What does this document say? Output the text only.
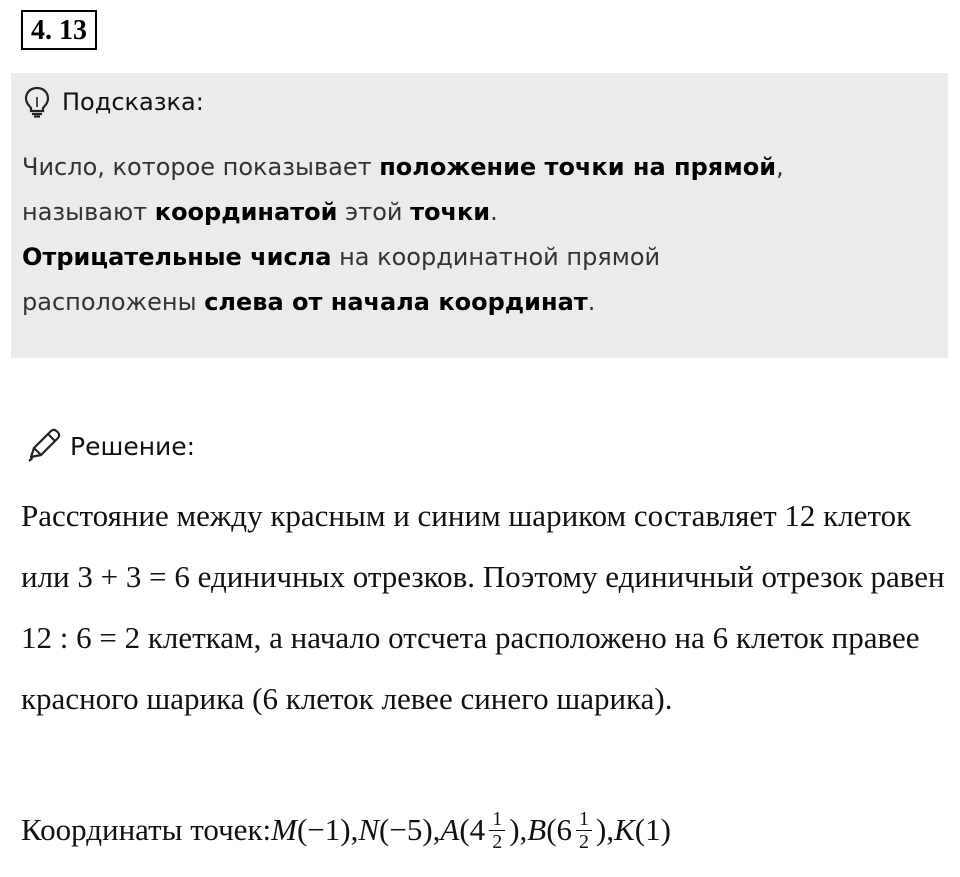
4. 13
Подсказка:
Число, которое показывает положение точки на прямой,
называют координатой этой точки.
Отрицательные числа на координатной прямой
расположены слева от начала координат.
Решение:
Расстояние между красным и синим шариком составляет 12 клеток или 3 + 3 = 6 единичных отрезков. Поэтому единичный отрезок равен 12 : 6 = 2 клеткам, а начало отсчета расположено на 6 клеток правее красного шарика (6 клеток левее синего шарика).
Координаты точек: M (−1), N (−5), A ($4 \frac{1}{2}$ ), B ($6 \frac{1}{2}$ ), K (1)
